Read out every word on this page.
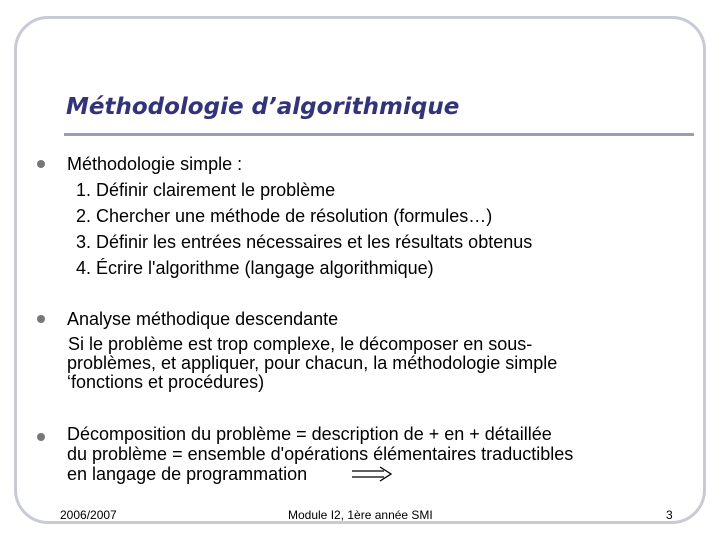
Méthodologie d’algorithmique
Méthodologie simple :
1. Définir clairement le problème
2. Chercher une méthode de résolution (formules…)
3. Définir les entrées nécessaires et les résultats obtenus
4. Écrire l'algorithme (langage algorithmique)
Analyse méthodique descendante
Si le problème est trop complexe, le décomposer en sous-
problèmes, et appliquer, pour chacun, la méthodologie simple
‘fonctions et procédures)
Décomposition du problème = description de + en + détaillée
du problème = ensemble d'opérations élémentaires traductibles
en langage de programmation
2006/2007	Module I2, 1ère année SMI	3
